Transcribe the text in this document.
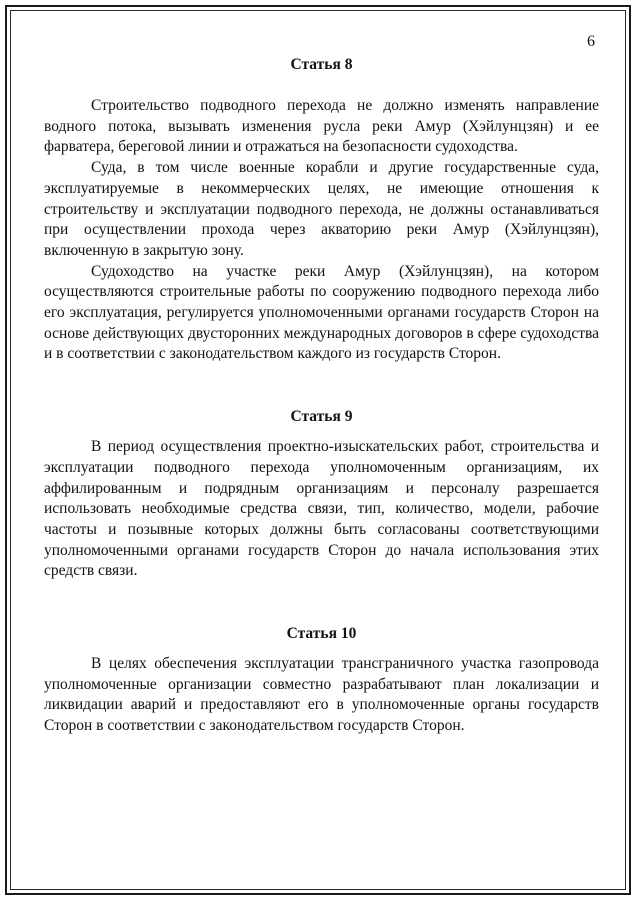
6
Статья 8

Строительство подводного перехода не должно изменять направление водного потока, вызывать изменения русла реки Амур (Хэйлунцзян) и ее фарватера, береговой линии и отражаться на безопасности судоходства.

Суда, в том числе военные корабли и другие государственные суда, эксплуатируемые в некоммерческих целях, не имеющие отношения к строительству и эксплуатации подводного перехода, не должны останавливаться при осуществлении прохода через акваторию реки Амур (Хэйлунцзян), включенную в закрытую зону.

Судоходство на участке реки Амур (Хэйлунцзян), на котором осуществляются строительные работы по сооружению подводного перехода либо его эксплуатация, регулируется уполномоченными органами государств Сторон на основе действующих двусторонних международных договоров в сфере судоходства и в соответствии с законодательством каждого из государств Сторон.

Статья 9

В период осуществления проектно-изыскательских работ, строительства и эксплуатации подводного перехода уполномоченным организациям, их аффилированным и подрядным организациям и персоналу разрешается использовать необходимые средства связи, тип, количество, модели, рабочие частоты и позывные которых должны быть согласованы соответствующими уполномоченными органами государств Сторон до начала использования этих средств связи.

Статья 10

В целях обеспечения эксплуатации трансграничного участка газопровода уполномоченные организации совместно разрабатывают план локализации и ликвидации аварий и предоставляют его в уполномоченные органы государств Сторон в соответствии с законодательством государств Сторон.
